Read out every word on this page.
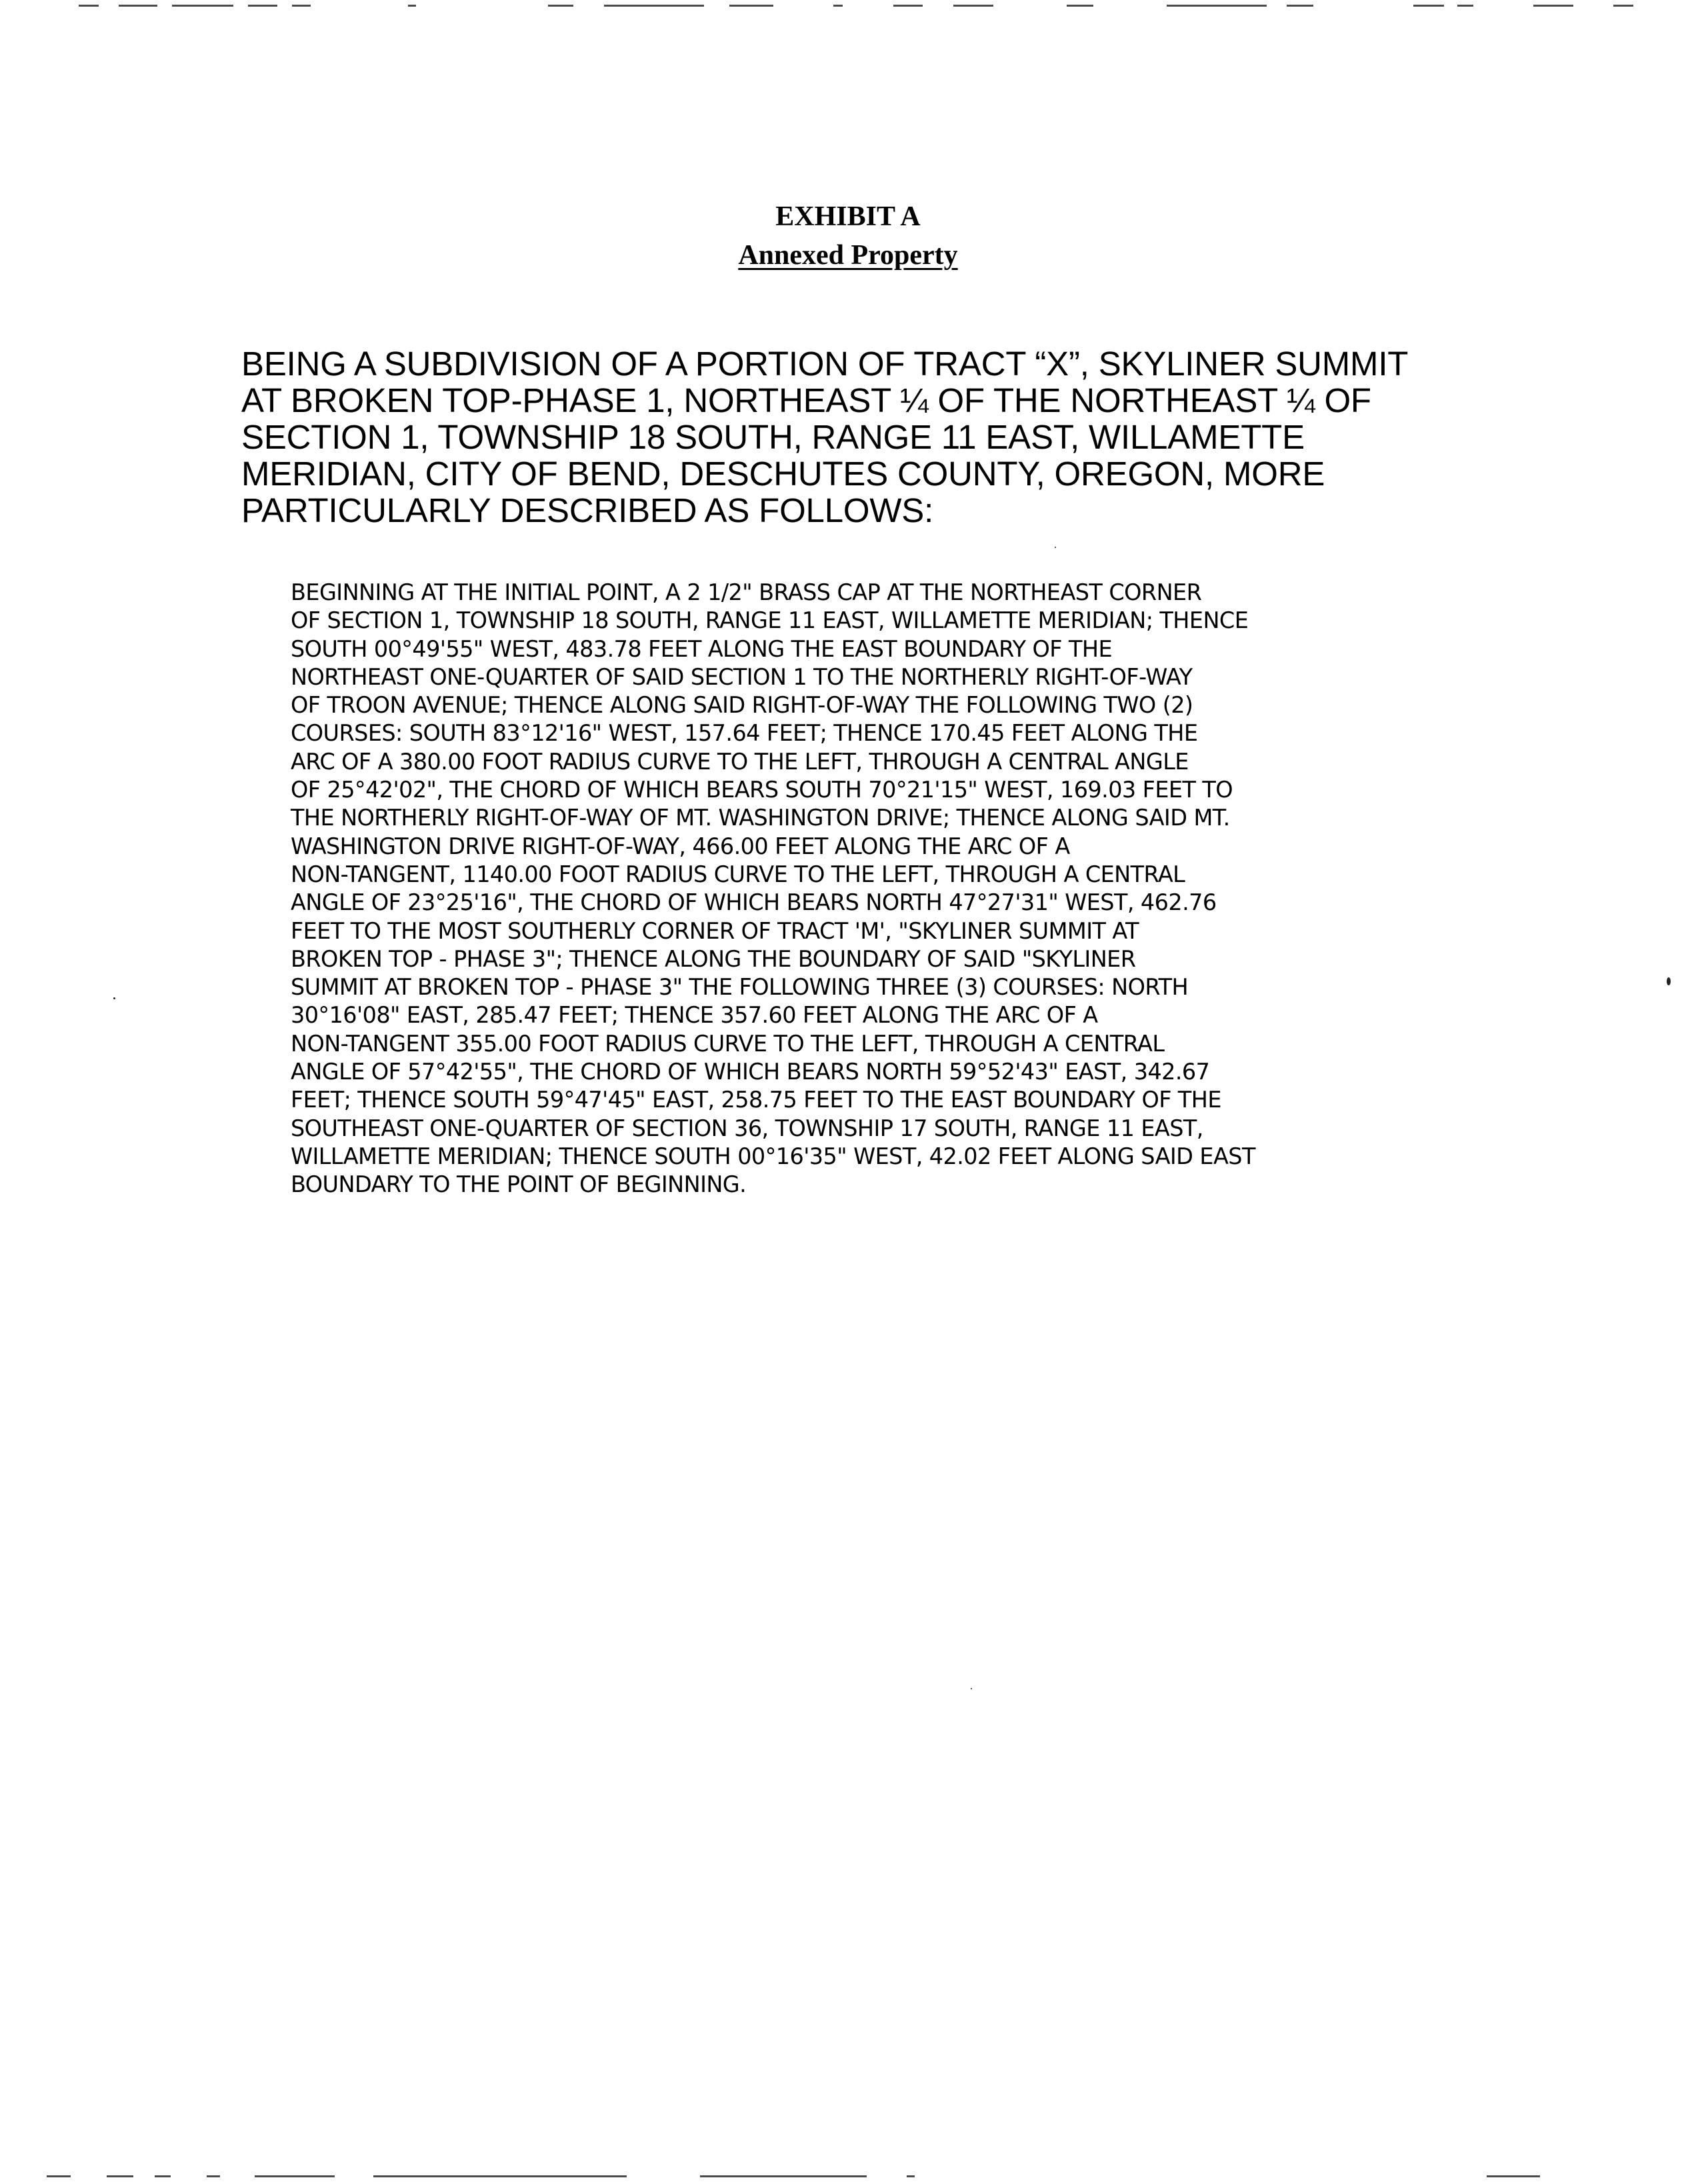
EXHIBIT A
Annexed Property
BEING A SUBDIVISION OF A PORTION OF TRACT “X”, SKYLINER SUMMIT
AT BROKEN TOP-PHASE 1, NORTHEAST ¼ OF THE NORTHEAST ¼ OF
SECTION 1, TOWNSHIP 18 SOUTH, RANGE 11 EAST, WILLAMETTE
MERIDIAN, CITY OF BEND, DESCHUTES COUNTY, OREGON, MORE
PARTICULARLY DESCRIBED AS FOLLOWS:
BEGINNING AT THE INITIAL POINT, A 2 1/2" BRASS CAP AT THE NORTHEAST CORNER
OF SECTION 1, TOWNSHIP 18 SOUTH, RANGE 11 EAST, WILLAMETTE MERIDIAN; THENCE
SOUTH 00°49'55" WEST, 483.78 FEET ALONG THE EAST BOUNDARY OF THE
NORTHEAST ONE-QUARTER OF SAID SECTION 1 TO THE NORTHERLY RIGHT-OF-WAY
OF TROON AVENUE; THENCE ALONG SAID RIGHT-OF-WAY THE FOLLOWING TWO (2)
COURSES: SOUTH 83°12'16" WEST, 157.64 FEET; THENCE 170.45 FEET ALONG THE
ARC OF A 380.00 FOOT RADIUS CURVE TO THE LEFT, THROUGH A CENTRAL ANGLE
OF 25°42'02", THE CHORD OF WHICH BEARS SOUTH 70°21'15" WEST, 169.03 FEET TO
THE NORTHERLY RIGHT-OF-WAY OF MT. WASHINGTON DRIVE; THENCE ALONG SAID MT.
WASHINGTON DRIVE RIGHT-OF-WAY, 466.00 FEET ALONG THE ARC OF A
NON-TANGENT, 1140.00 FOOT RADIUS CURVE TO THE LEFT, THROUGH A CENTRAL
ANGLE OF 23°25'16", THE CHORD OF WHICH BEARS NORTH 47°27'31" WEST, 462.76
FEET TO THE MOST SOUTHERLY CORNER OF TRACT 'M', "SKYLINER SUMMIT AT
BROKEN TOP - PHASE 3"; THENCE ALONG THE BOUNDARY OF SAID "SKYLINER
SUMMIT AT BROKEN TOP - PHASE 3" THE FOLLOWING THREE (3) COURSES: NORTH
30°16'08" EAST, 285.47 FEET; THENCE 357.60 FEET ALONG THE ARC OF A
NON-TANGENT 355.00 FOOT RADIUS CURVE TO THE LEFT, THROUGH A CENTRAL
ANGLE OF 57°42'55", THE CHORD OF WHICH BEARS NORTH 59°52'43" EAST, 342.67
FEET; THENCE SOUTH 59°47'45" EAST, 258.75 FEET TO THE EAST BOUNDARY OF THE
SOUTHEAST ONE-QUARTER OF SECTION 36, TOWNSHIP 17 SOUTH, RANGE 11 EAST,
WILLAMETTE MERIDIAN; THENCE SOUTH 00°16'35" WEST, 42.02 FEET ALONG SAID EAST
BOUNDARY TO THE POINT OF BEGINNING.
